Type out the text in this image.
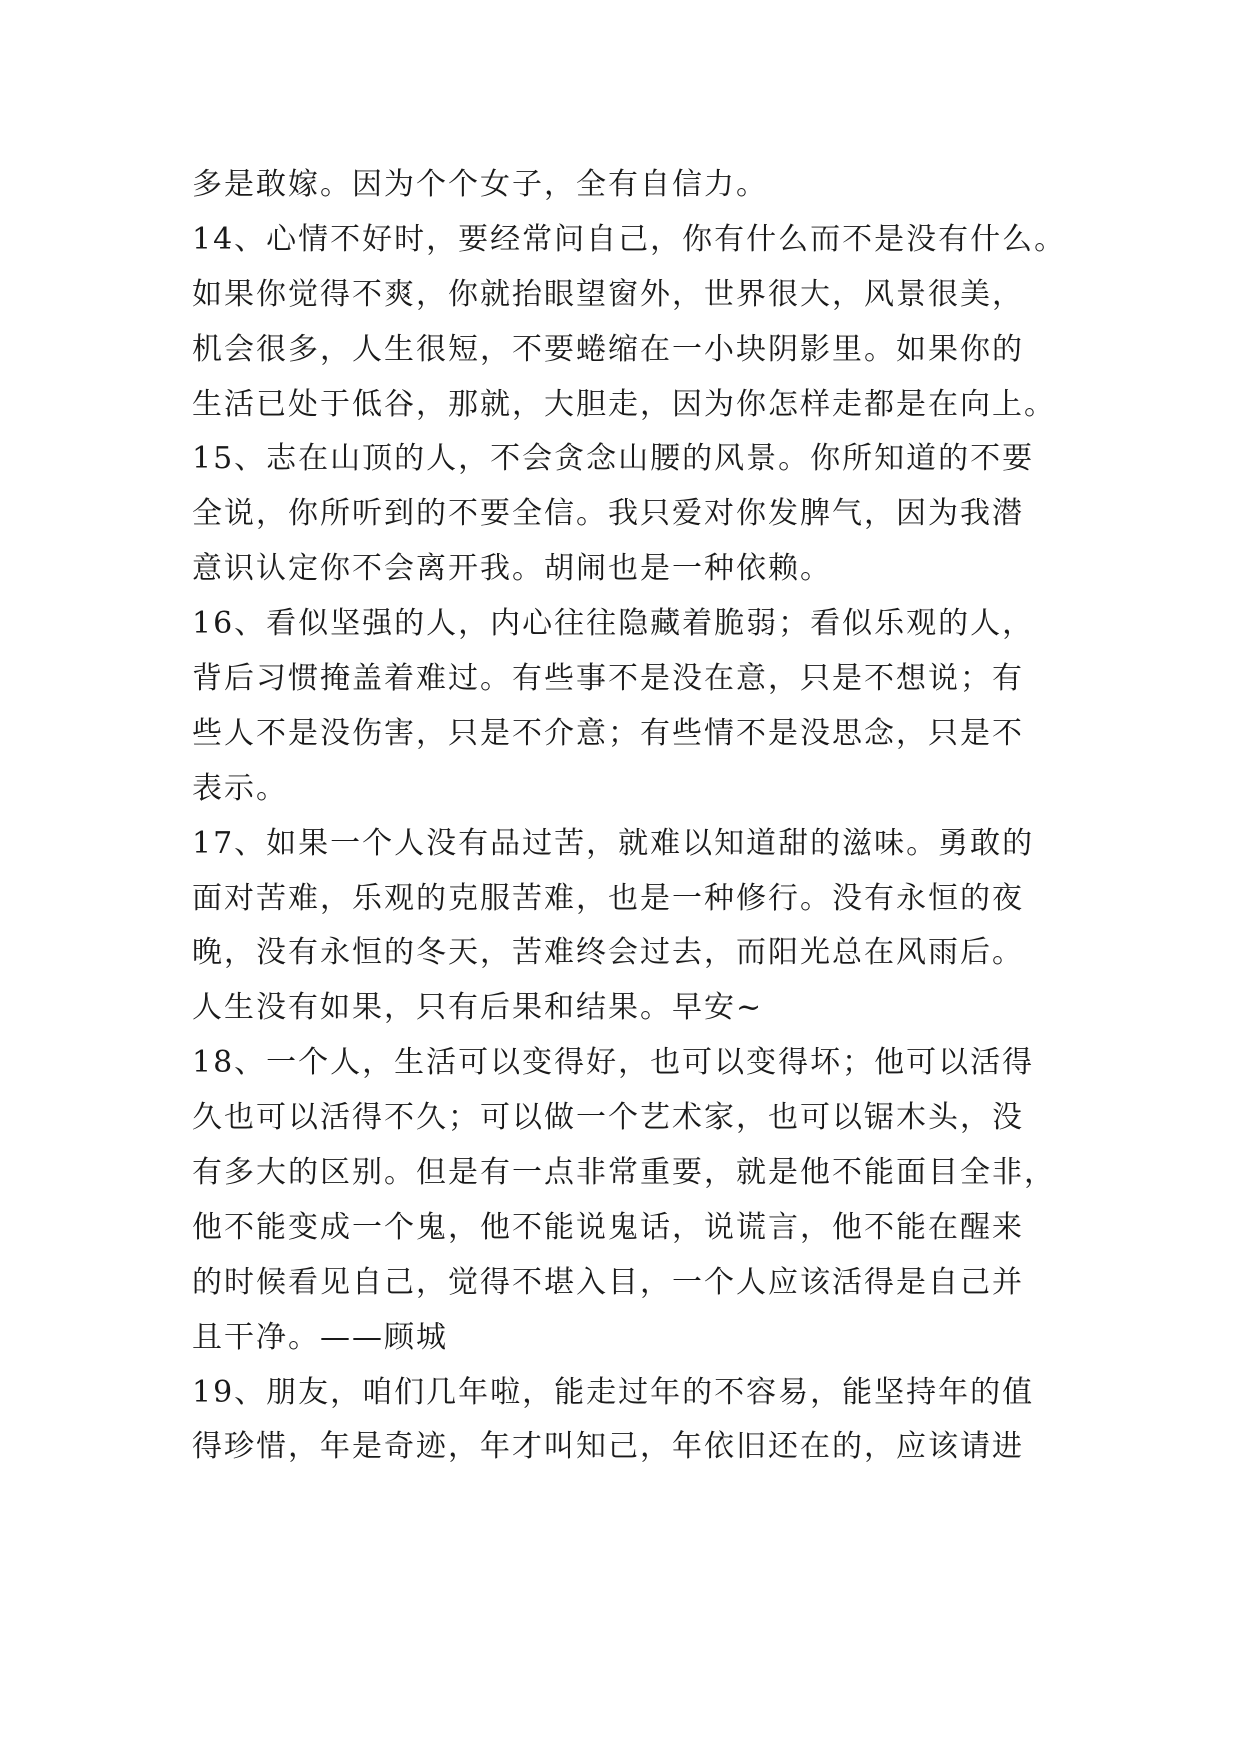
多是敢嫁。因为个个女子，全有自信力。
14、心情不好时，要经常问自己，你有什么而不是没有什么。
如果你觉得不爽，你就抬眼望窗外，世界很大，风景很美，
机会很多，人生很短，不要蜷缩在一小块阴影里。如果你的
生活已处于低谷，那就，大胆走，因为你怎样走都是在向上。
15、志在山顶的人，不会贪念山腰的风景。你所知道的不要
全说，你所听到的不要全信。我只爱对你发脾气，因为我潜
意识认定你不会离开我。胡闹也是一种依赖。
16、看似坚强的人，内心往往隐藏着脆弱；看似乐观的人，
背后习惯掩盖着难过。有些事不是没在意，只是不想说；有
些人不是没伤害，只是不介意；有些情不是没思念，只是不
表示。
17、如果一个人没有品过苦，就难以知道甜的滋味。勇敢的
面对苦难，乐观的克服苦难，也是一种修行。没有永恒的夜
晚，没有永恒的冬天，苦难终会过去，而阳光总在风雨后。
人生没有如果，只有后果和结果。早安~
18、一个人，生活可以变得好，也可以变得坏；他可以活得
久也可以活得不久；可以做一个艺术家，也可以锯木头，没
有多大的区别。但是有一点非常重要，就是他不能面目全非，
他不能变成一个鬼，他不能说鬼话，说谎言，他不能在醒来
的时候看见自己，觉得不堪入目，一个人应该活得是自己并
且干净。——顾城
19、朋友，咱们几年啦，能走过年的不容易，能坚持年的值
得珍惜，年是奇迹，年才叫知己，年依旧还在的，应该请进
